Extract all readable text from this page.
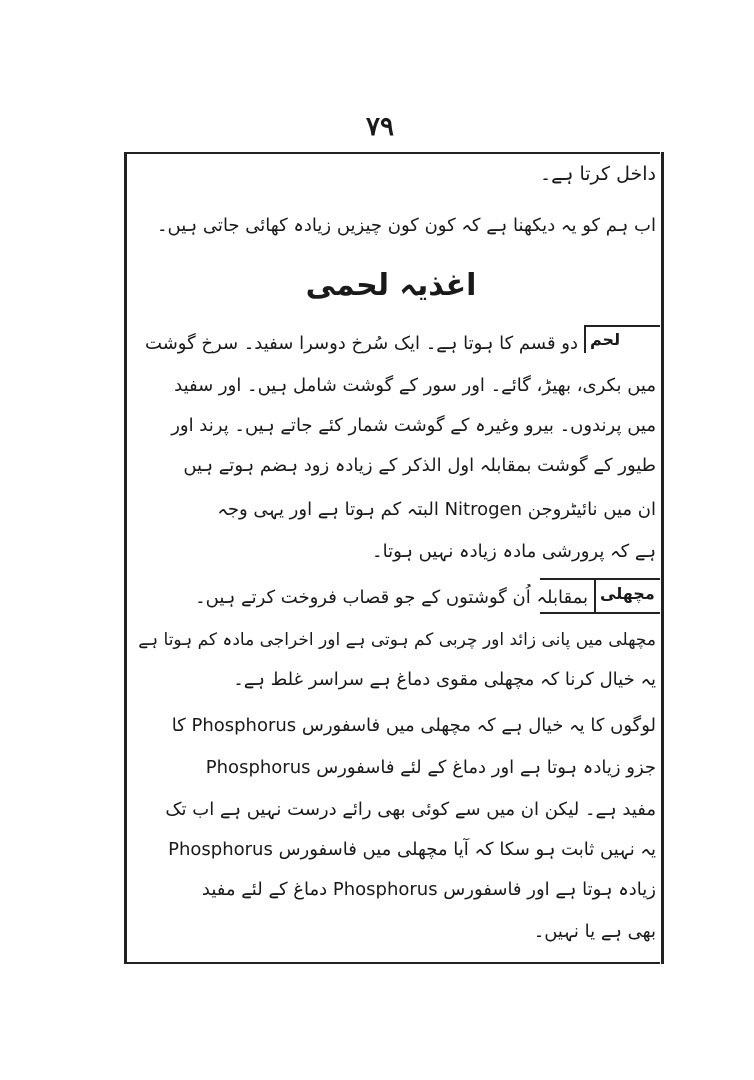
٧٩
داخل کرتا ہے۔
اب ہم کو یہ دیکھنا ہے کہ کون کون چیزیں زیادہ کھائی جاتی ہیں۔
اغذیہ لحمی
لحم
دو قسم کا ہوتا ہے۔ ایک سُرخ دوسرا سفید۔ سرخ گوشت
میں بکری، بھیڑ، گائے۔ اور سور کے گوشت شامل ہیں۔ اور سفید
میں پرندوں۔ بیرو وغیرہ کے گوشت شمار کئے جاتے ہیں۔ پرند اور
طیور کے گوشت بمقابلہ اول الذکر کے زیادہ زود ہضم ہوتے ہیں
ان میں نائیٹروجن Nitrogen البتہ کم ہوتا ہے اور یہی وجہ
ہے کہ پرورشی مادہ زیادہ نہیں ہوتا۔
مچھلی
بمقابلہ اُن گوشتوں کے جو قصاب فروخت کرتے ہیں۔
مچھلی میں پانی زائد اور چربی کم ہوتی ہے اور اخراجی مادہ کم ہوتا ہے
یہ خیال کرنا کہ مچھلی مقوی دماغ ہے سراسر غلط ہے۔
لوگوں کا یہ خیال ہے کہ مچھلی میں فاسفورس Phosphorus کا
جزو زیادہ ہوتا ہے اور دماغ کے لئے فاسفورس Phosphorus
مفید ہے۔ لیکن ان میں سے کوئی بھی رائے درست نہیں ہے اب تک
یہ نہیں ثابت ہو سکا کہ آیا مچھلی میں فاسفورس Phosphorus
زیادہ ہوتا ہے اور فاسفورس Phosphorus دماغ کے لئے مفید
بھی ہے یا نہیں۔
